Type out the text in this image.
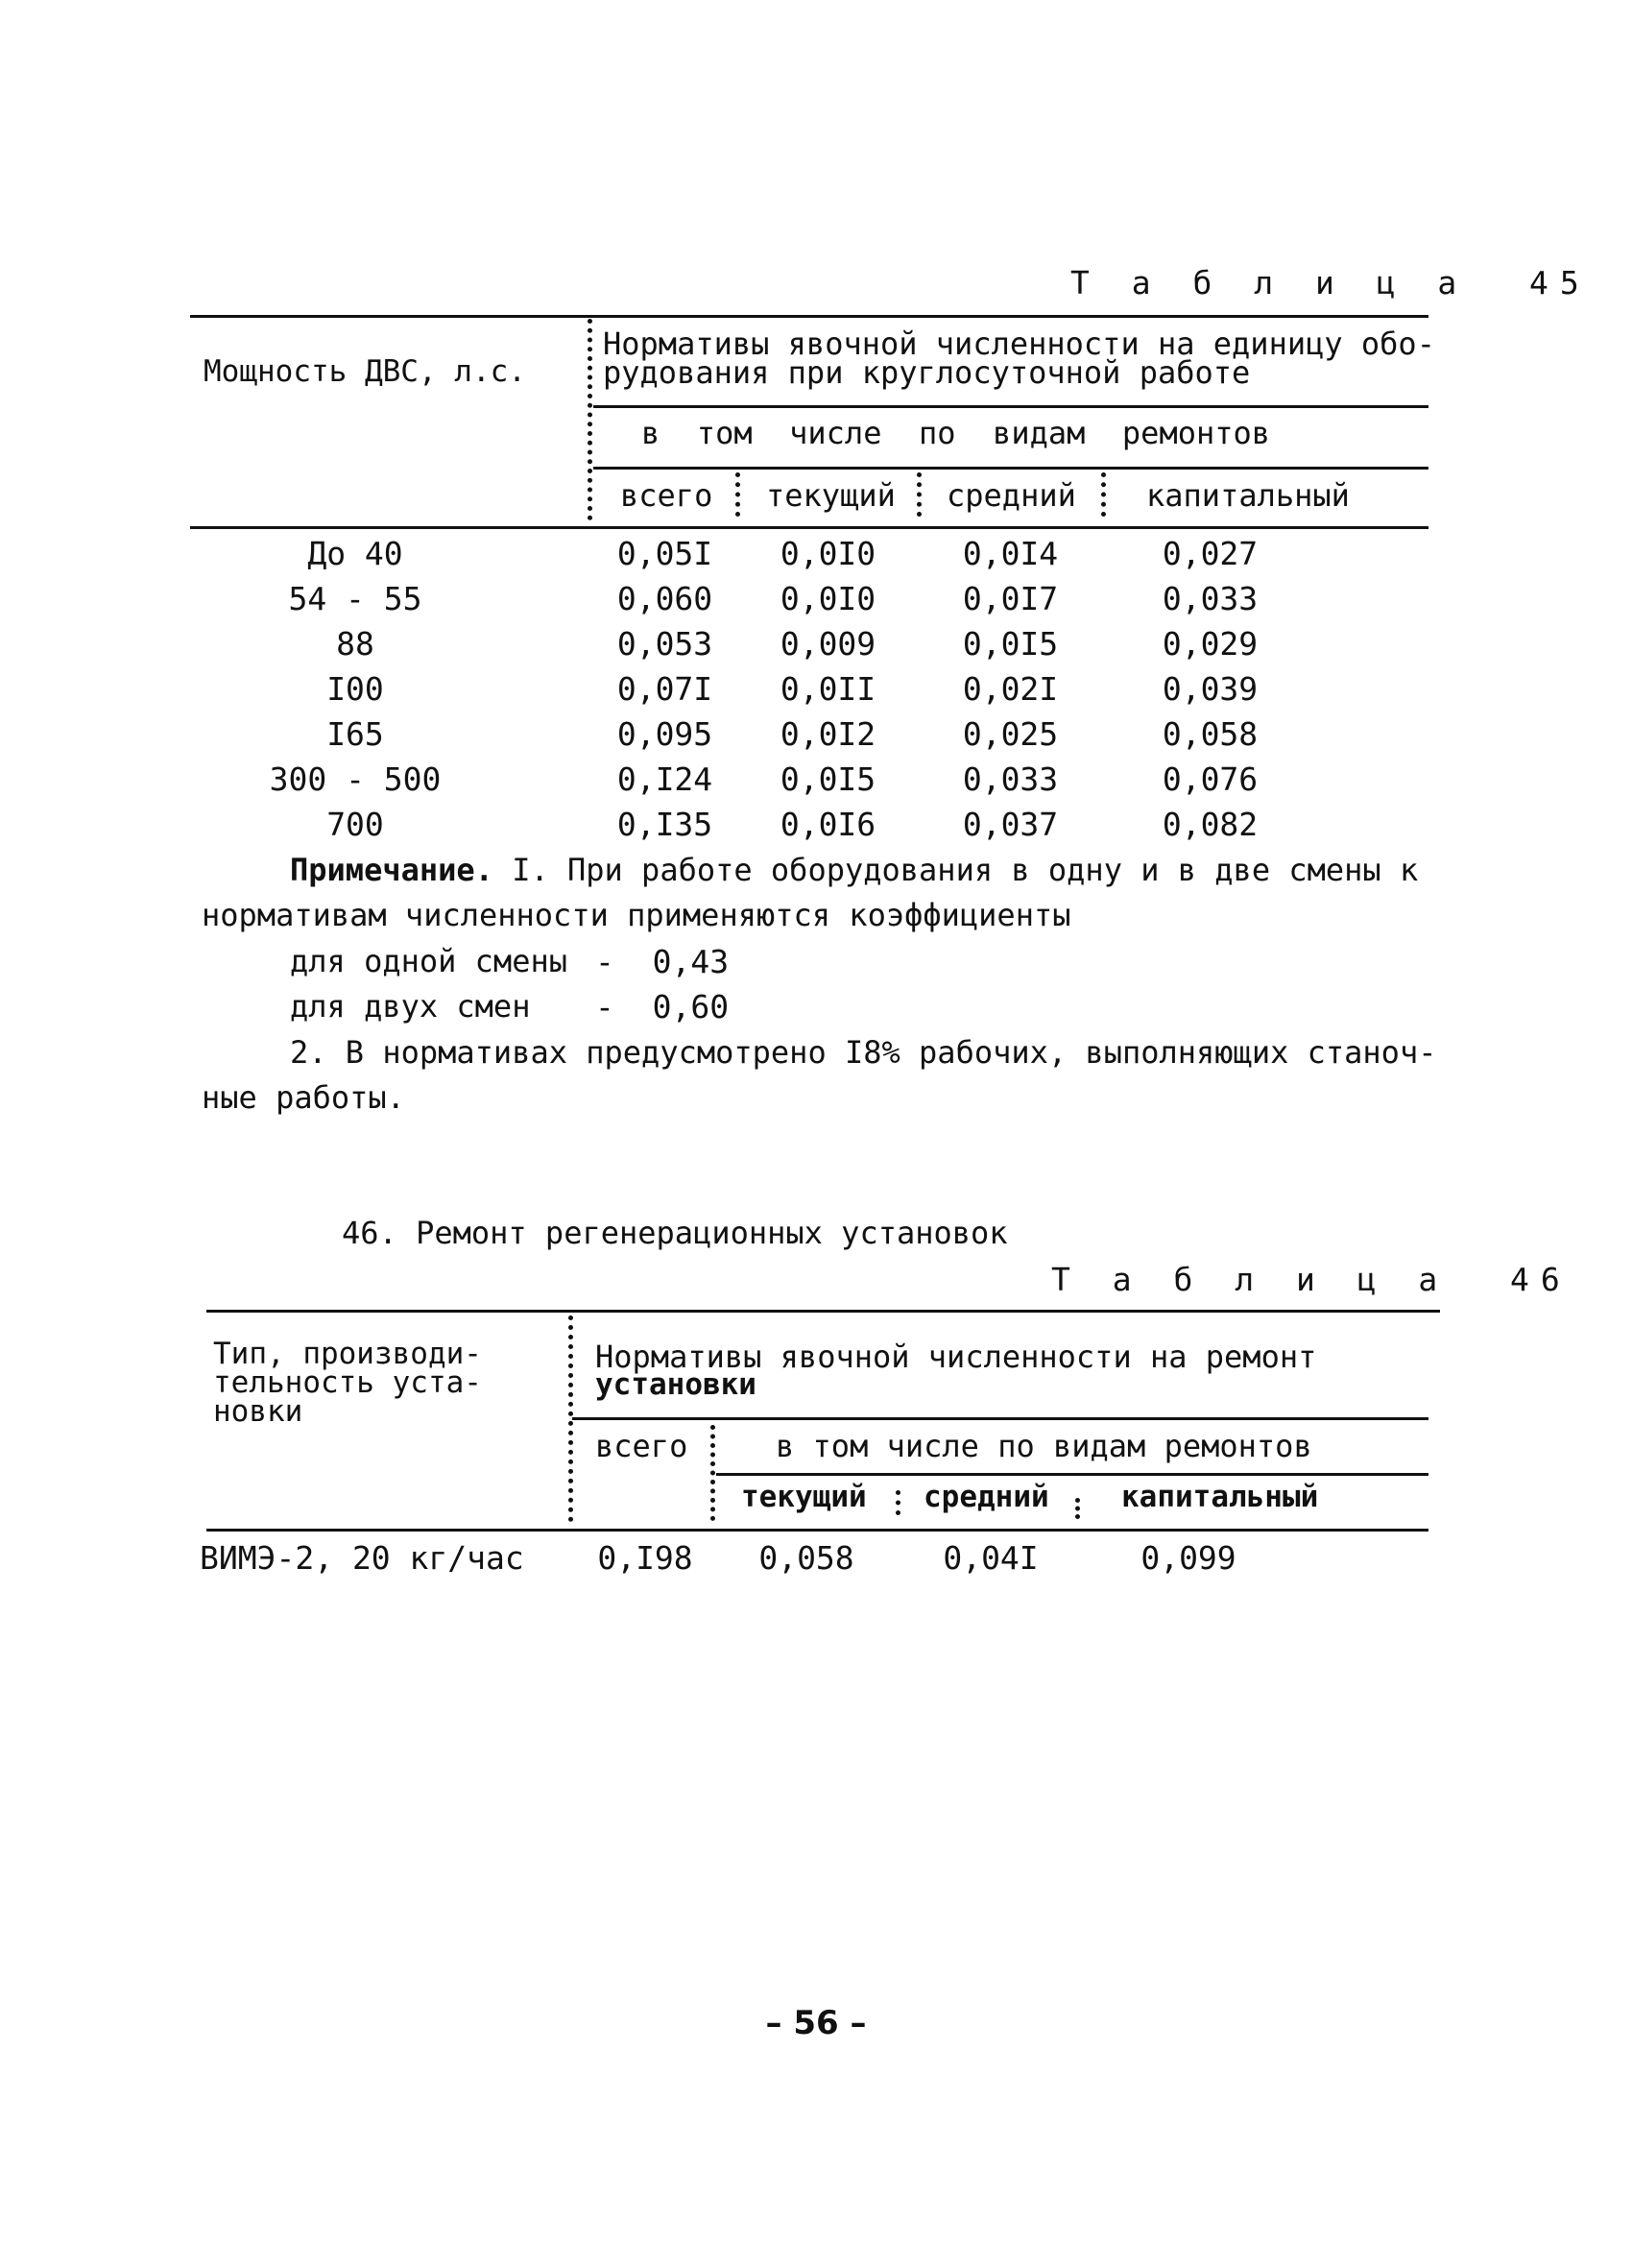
Т а б л и ц а  45
Мощность ДВС, л.с.
Нормативы явочной численности на единицу обо-
рудования при круглосуточной работе
в  том  числе  по  видам  ремонтов
всего текущий средний капитальный
До 40	0,05I	0,0I0	0,0I4	0,027
54 - 55	0,060	0,0I0	0,0I7	0,033
88	0,053	0,009	0,0I5	0,029
I00	0,07I	0,0II	0,02I	0,039
I65	0,095	0,0I2	0,025	0,058
300 - 500	0,I24	0,0I5	0,033	0,076
700	0,I35	0,0I6	0,037	0,082
Примечание. I. При работе оборудования в одну и в две смены к
нормативам численности применяются коэффициенты
для одной смены -  0,43
для двух смен -  0,60
2. В нормативах предусмотрено I8% рабочих, выполняющих станоч-
ные работы.
46. Ремонт регенерационных установок
Т а б л и ц а  46
Тип, производи-
тельность уста-
новки
Нормативы явочной численности на ремонт
установки
всего	в том числе по видам ремонтов
текущий средний капитальный
ВИМЭ-2, 20 кг/час	0,I98	0,058	0,04I	0,099
– 56 –
